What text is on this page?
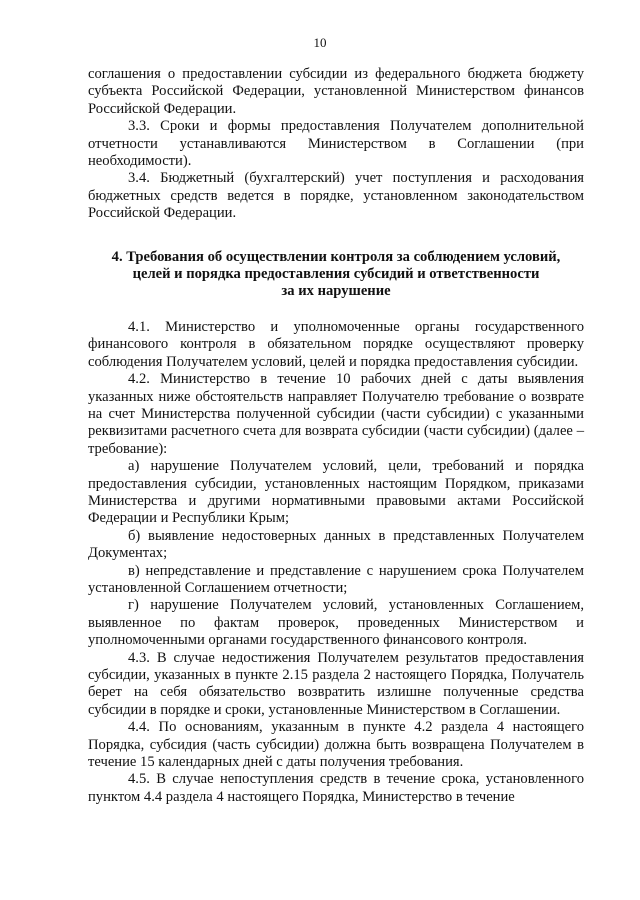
10

соглашения о предоставлении субсидии из федерального бюджета бюджету субъекта Российской Федерации, установленной Министерством финансов Российской Федерации.

3.3. Сроки и формы предоставления Получателем дополнительной отчетности устанавливаются Министерством в Соглашении (при необходимости).

3.4. Бюджетный (бухгалтерский) учет поступления и расходования бюджетных средств ведется в порядке, установленном законодательством Российской Федерации.

4. Требования об осуществлении контроля за соблюдением условий,
целей и порядка предоставления субсидий и ответственности
за их нарушение

4.1. Министерство и уполномоченные органы государственного финансового контроля в обязательном порядке осуществляют проверку соблюдения Получателем условий, целей и порядка предоставления субсидии.

4.2. Министерство в течение 10 рабочих дней с даты выявления указанных ниже обстоятельств направляет Получателю требование о возврате на счет Министерства полученной субсидии (части субсидии) с указанными реквизитами расчетного счета для возврата субсидии (части субсидии) (далее – требование):

а) нарушение Получателем условий, цели, требований и порядка предоставления субсидии, установленных настоящим Порядком, приказами Министерства и другими нормативными правовыми актами Российской Федерации и Республики Крым;

б) выявление недостоверных данных в представленных Получателем Документах;

в) непредставление и представление с нарушением срока Получателем установленной Соглашением отчетности;

г) нарушение Получателем условий, установленных Соглашением, выявленное по фактам проверок, проведенных Министерством и уполномоченными органами государственного финансового контроля.

4.3. В случае недостижения Получателем результатов предоставления субсидии, указанных в пункте 2.15 раздела 2 настоящего Порядка, Получатель берет на себя обязательство возвратить излишне полученные средства субсидии в порядке и сроки, установленные Министерством в Соглашении.

4.4. По основаниям, указанным в пункте 4.2 раздела 4 настоящего Порядка, субсидия (часть субсидии) должна быть возвращена Получателем в течение 15 календарных дней с даты получения требования.

4.5. В случае непоступления средств в течение срока, установленного пунктом 4.4 раздела 4 настоящего Порядка, Министерство в течение
